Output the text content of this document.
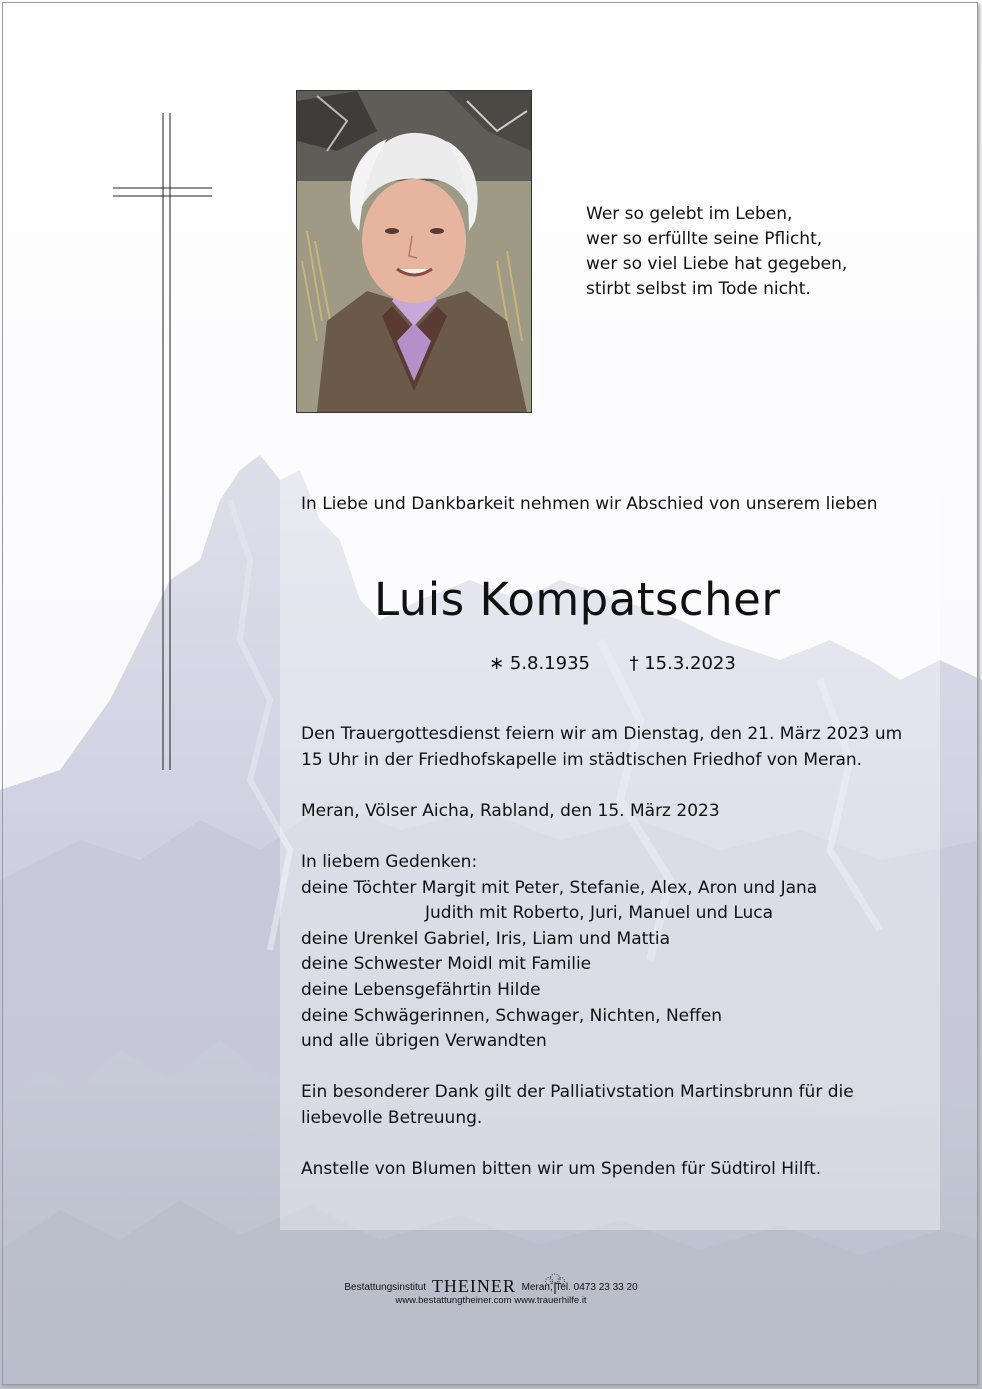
Wer so gelebt im Leben,
wer so erfüllte seine Pflicht,
wer so viel Liebe hat gegeben,
stirbt selbst im Tode nicht.
In Liebe und Dankbarkeit nehmen wir Abschied von unserem lieben
Luis Kompatscher
∗ 5.8.1935 † 15.3.2023
Den Trauergottesdienst feiern wir am Dienstag, den 21. März 2023 um
15 Uhr in der Friedhofskapelle im städtischen Friedhof von Meran.
Meran, Völser Aicha, Rabland, den 15. März 2023
In liebem Gedenken:
deine Töchter Margit mit Peter, Stefanie, Alex, Aron und Jana
Judith mit Roberto, Juri, Manuel und Luca
deine Urenkel Gabriel, Iris, Liam und Mattia
deine Schwester Moidl mit Familie
deine Lebensgefährtin Hilde
deine Schwägerinnen, Schwager, Nichten, Neffen
und alle übrigen Verwandten
Ein besonderer Dank gilt der Palliativstation Martinsbrunn für die
liebevolle Betreuung.
Anstelle von Blumen bitten wir um Spenden für Südtirol Hilft.
Bestattungsinstitut THEINER Meran, Tel. 0473 23 33 20
www.bestattungtheiner.com www.trauerhilfe.it
